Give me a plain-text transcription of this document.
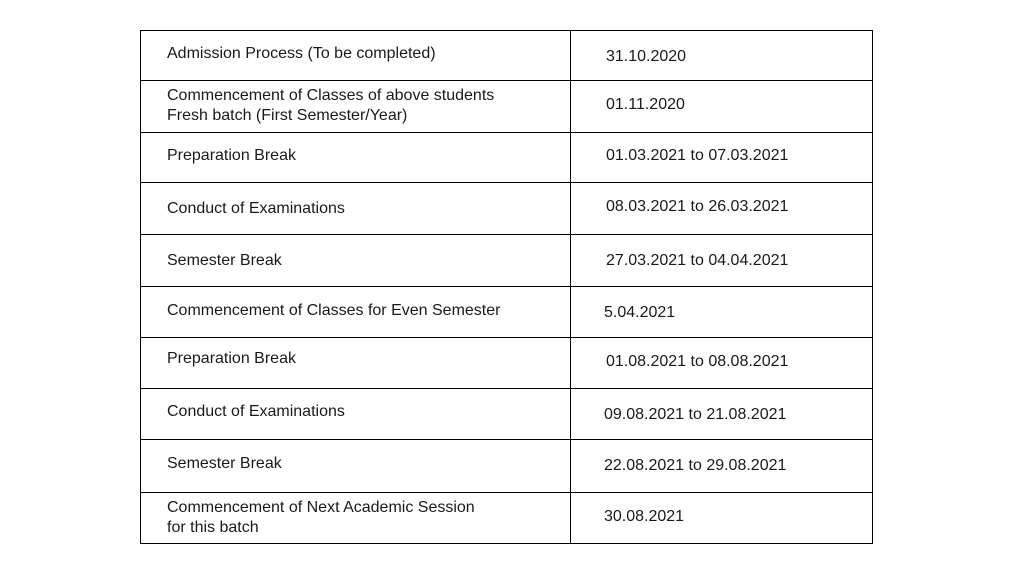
Admission Process (To be completed)	31.10.2020

Commencement of Classes of above students
Fresh batch (First Semester/Year)	01.11.2020

Preparation Break	01.03.2021 to 07.03.2021

Conduct of Examinations	08.03.2021 to 26.03.2021

Semester Break	27.03.2021 to 04.04.2021

Commencement of Classes for Even Semester	5.04.2021

Preparation Break	01.08.2021 to 08.08.2021

Conduct of Examinations	09.08.2021 to 21.08.2021

Semester Break	22.08.2021 to 29.08.2021

Commencement of Next Academic Session
for this batch	30.08.2021
